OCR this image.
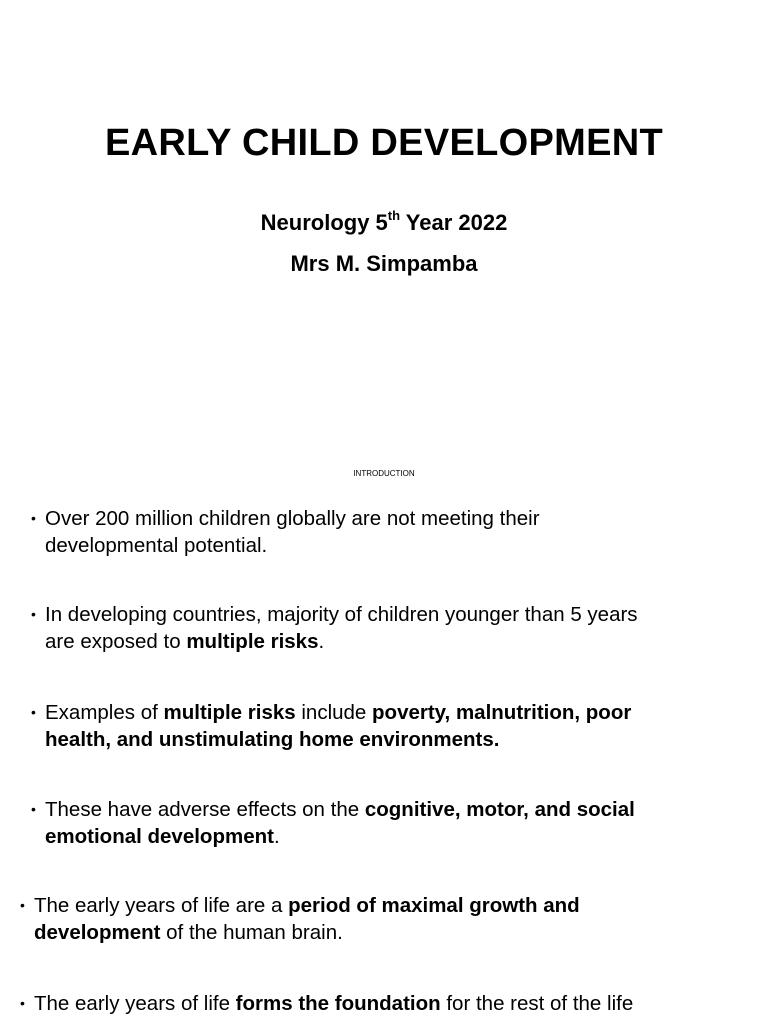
EARLY CHILD DEVELOPMENT
Neurology 5th Year 2022
Mrs M. Simpamba
INTRODUCTION
• Over 200 million children globally are not meeting their
developmental potential.
• In developing countries, majority of children younger than 5 years
are exposed to multiple risks.
• Examples of multiple risks include poverty, malnutrition, poor
health, and unstimulating home environments.
• These have adverse effects on the cognitive, motor, and social
emotional development.
• The early years of life are a period of maximal growth and
development of the human brain.
• The early years of life forms the foundation for the rest of the life
